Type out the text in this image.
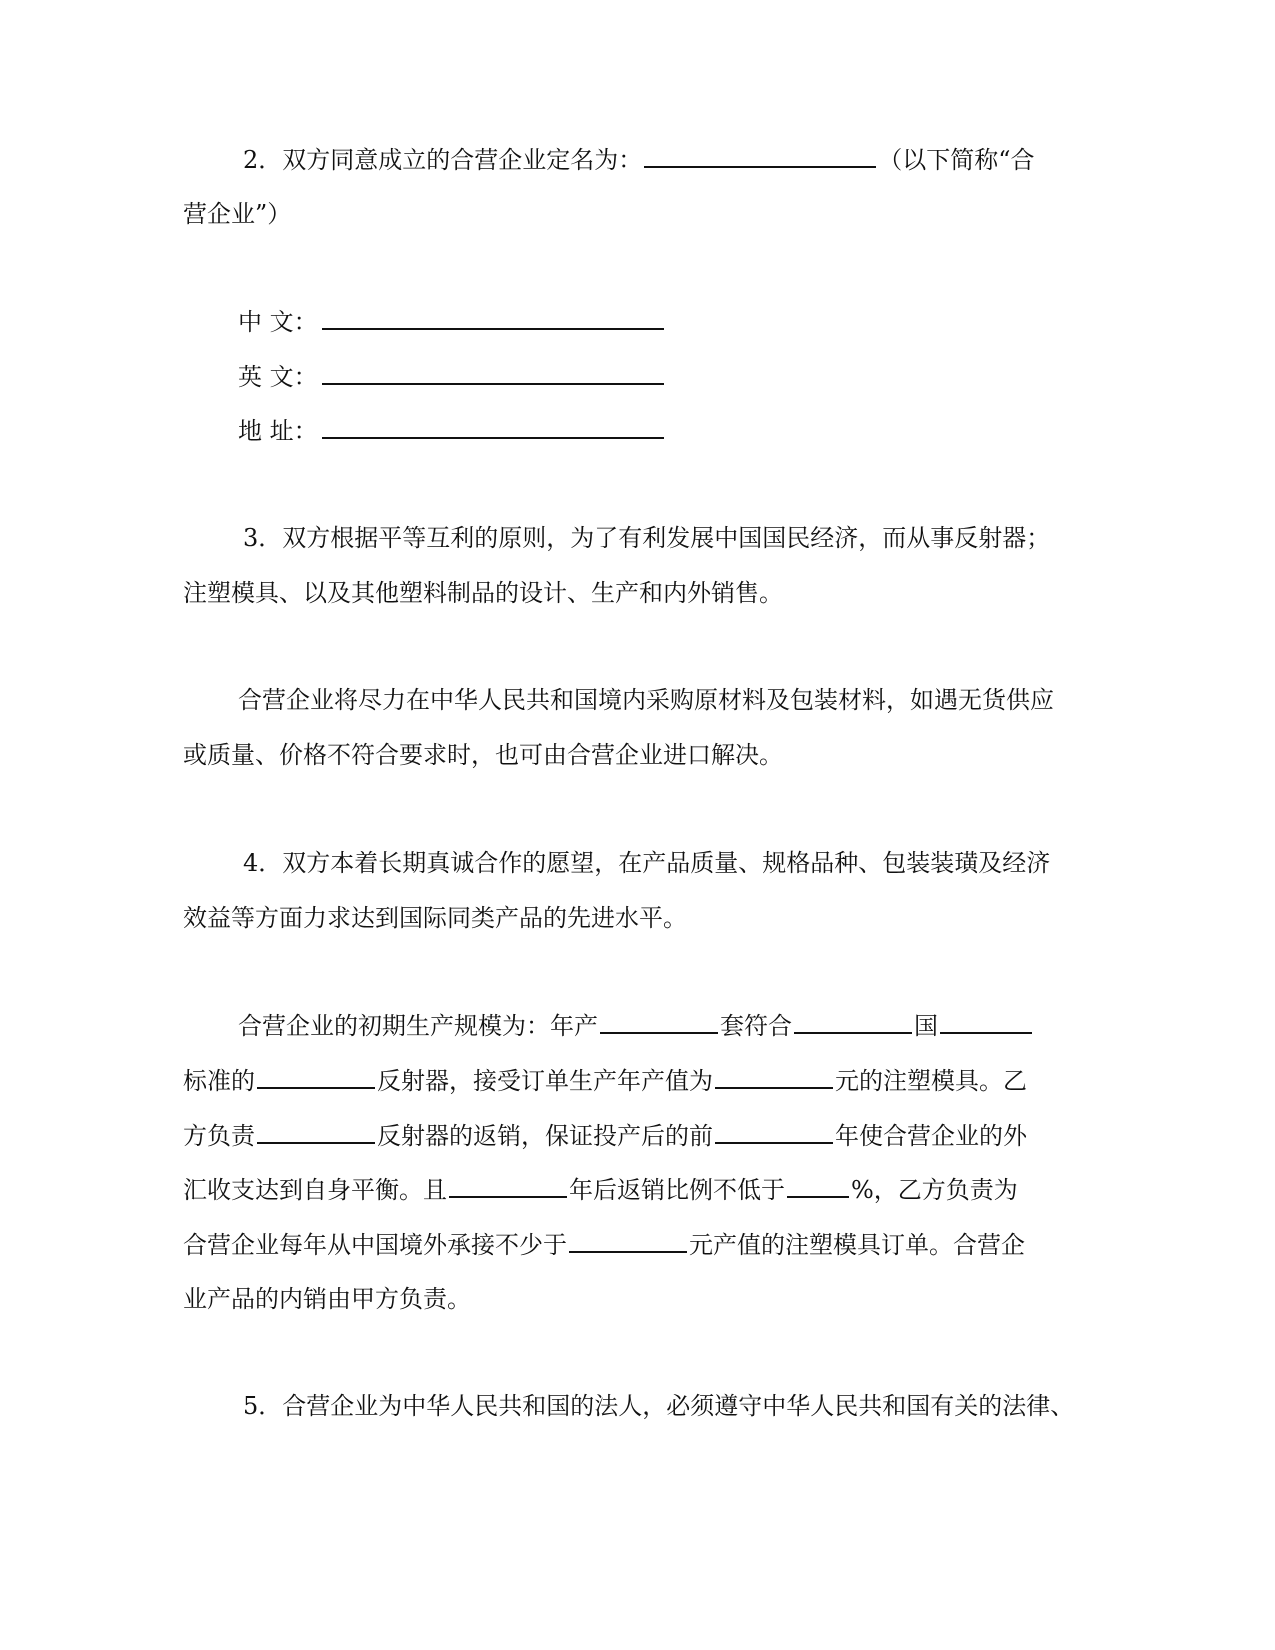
2．双方同意成立的合营企业定名为：	（以下简称“合
营企业”）
中 文：
英 文：
地 址：
3．双方根据平等互利的原则，为了有利发展中国国民经济，而从事反射器；
注塑模具、以及其他塑料制品的设计、生产和内外销售。
合营企业将尽力在中华人民共和国境内采购原材料及包装材料，如遇无货供应
或质量、价格不符合要求时，也可由合营企业进口解决。
4．双方本着长期真诚合作的愿望，在产品质量、规格品种、包装装璜及经济
效益等方面力求达到国际同类产品的先进水平。
合营企业的初期生产规模为：年产	套符合	国
标准的	反射器，接受订单生产年产值为	元的注塑模具。乙
方负责	反射器的返销，保证投产后的前	年使合营企业的外
汇收支达到自身平衡。且	年后返销比例不低于	%，乙方负责为
合营企业每年从中国境外承接不少于	元产值的注塑模具订单。合营企
业产品的内销由甲方负责。
5．合营企业为中华人民共和国的法人，必须遵守中华人民共和国有关的法律、
